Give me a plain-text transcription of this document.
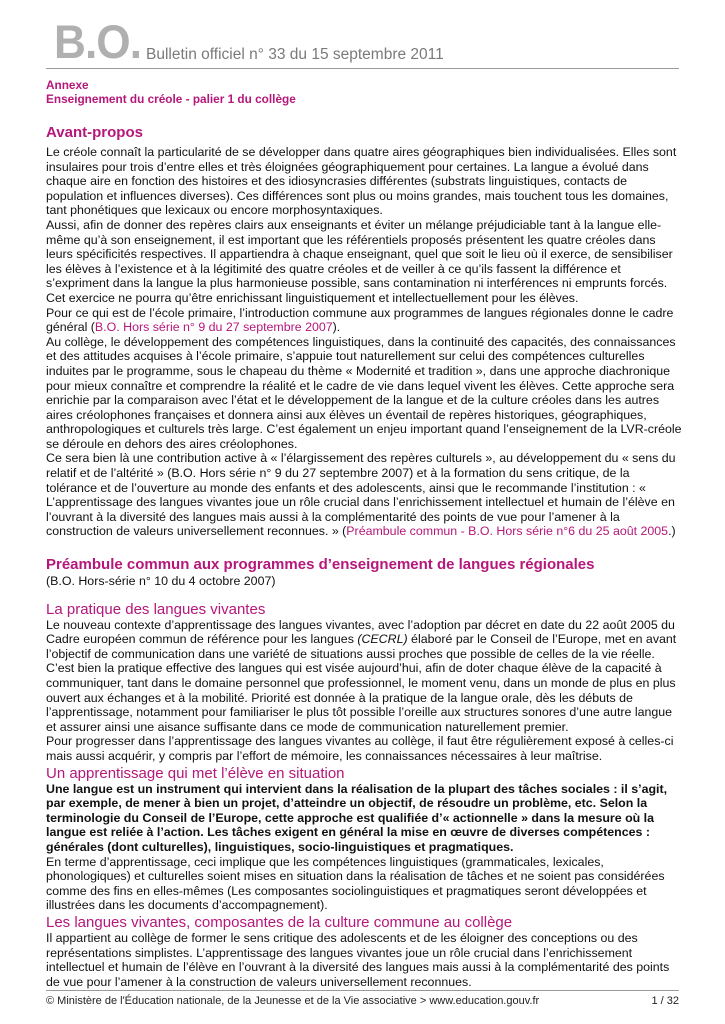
B.O. Bulletin officiel n° 33 du 15 septembre 2011
Annexe
Enseignement du créole - palier 1 du collège
Avant-propos

Le créole connaît la particularité de se développer dans quatre aires géographiques bien individualisées. Elles sont insulaires pour trois d’entre elles et très éloignées géographiquement pour certaines. La langue a évolué dans chaque aire en fonction des histoires et des idiosyncrasies différentes (substrats linguistiques, contacts de population et influences diverses). Ces différences sont plus ou moins grandes, mais touchent tous les domaines, tant phonétiques que lexicaux ou encore morphosyntaxiques.

Aussi, afin de donner des repères clairs aux enseignants et éviter un mélange préjudiciable tant à la langue elle-même qu’à son enseignement, il est important que les référentiels proposés présentent les quatre créoles dans leurs spécificités respectives. Il appartiendra à chaque enseignant, quel que soit le lieu où il exerce, de sensibiliser les élèves à l’existence et à la légitimité des quatre créoles et de veiller à ce qu’ils fassent la différence et s’expriment dans la langue la plus harmonieuse possible, sans contamination ni interférences ni emprunts forcés.

Cet exercice ne pourra qu’être enrichissant linguistiquement et intellectuellement pour les élèves.

Pour ce qui est de l’école primaire, l’introduction commune aux programmes de langues régionales donne le cadre général (B.O. Hors série n° 9 du 27 septembre 2007).

Au collège, le développement des compétences linguistiques, dans la continuité des capacités, des connaissances et des attitudes acquises à l’école primaire, s’appuie tout naturellement sur celui des compétences culturelles induites par le programme, sous le chapeau du thème « Modernité et tradition », dans une approche diachronique pour mieux connaître et comprendre la réalité et le cadre de vie dans lequel vivent les élèves. Cette approche sera enrichie par la comparaison avec l’état et le développement de la langue et de la culture créoles dans les autres aires créolophones françaises et donnera ainsi aux élèves un éventail de repères historiques, géographiques, anthropologiques et culturels très large. C’est également un enjeu important quand l’enseignement de la LVR-créole se déroule en dehors des aires créolophones.

Ce sera bien là une contribution active à « l’élargissement des repères culturels », au développement du « sens du relatif et de l’altérité » (B.O. Hors série n° 9 du 27 septembre 2007) et à la formation du sens critique, de la tolérance et de l’ouverture au monde des enfants et des adolescents, ainsi que le recommande l’institution : « L’apprentissage des langues vivantes joue un rôle crucial dans l’enrichissement intellectuel et humain de l’élève en l’ouvrant à la diversité des langues mais aussi à la complémentarité des points de vue pour l’amener à la construction de valeurs universellement reconnues. » (Préambule commun - B.O. Hors série n°6 du 25 août 2005.)

Préambule commun aux programmes d’enseignement de langues régionales

(B.O. Hors-série n° 10 du 4 octobre 2007)

La pratique des langues vivantes

Le nouveau contexte d’apprentissage des langues vivantes, avec l’adoption par décret en date du 22 août 2005 du Cadre européen commun de référence pour les langues (CECRL) élaboré par le Conseil de l’Europe, met en avant l’objectif de communication dans une variété de situations aussi proches que possible de celles de la vie réelle. C’est bien la pratique effective des langues qui est visée aujourd’hui, afin de doter chaque élève de la capacité à communiquer, tant dans le domaine personnel que professionnel, le moment venu, dans un monde de plus en plus ouvert aux échanges et à la mobilité. Priorité est donnée à la pratique de la langue orale, dès les débuts de l’apprentissage, notamment pour familiariser le plus tôt possible l’oreille aux structures sonores d’une autre langue et assurer ainsi une aisance suffisante dans ce mode de communication naturellement premier.

Pour progresser dans l’apprentissage des langues vivantes au collège, il faut être régulièrement exposé à celles-ci mais aussi acquérir, y compris par l’effort de mémoire, les connaissances nécessaires à leur maîtrise.

Un apprentissage qui met l’élève en situation

Une langue est un instrument qui intervient dans la réalisation de la plupart des tâches sociales : il s’agit, par exemple, de mener à bien un projet, d’atteindre un objectif, de résoudre un problème, etc. Selon la terminologie du Conseil de l’Europe, cette approche est qualifiée d’« actionnelle » dans la mesure où la langue est reliée à l’action. Les tâches exigent en général la mise en œuvre de diverses compétences : générales (dont culturelles), linguistiques, socio-linguistiques et pragmatiques.

En terme d’apprentissage, ceci implique que les compétences linguistiques (grammaticales, lexicales, phonologiques) et culturelles soient mises en situation dans la réalisation de tâches et ne soient pas considérées comme des fins en elles-mêmes (Les composantes sociolinguistiques et pragmatiques seront développées et illustrées dans les documents d’accompagnement).

Les langues vivantes, composantes de la culture commune au collège

Il appartient au collège de former le sens critique des adolescents et de les éloigner des conceptions ou des représentations simplistes. L’apprentissage des langues vivantes joue un rôle crucial dans l’enrichissement intellectuel et humain de l’élève en l’ouvrant à la diversité des langues mais aussi à la complémentarité des points de vue pour l’amener à la construction de valeurs universellement reconnues.

© Ministère de l'Éducation nationale, de la Jeunesse et de la Vie associative > www.education.gouv.fr	1 / 32
